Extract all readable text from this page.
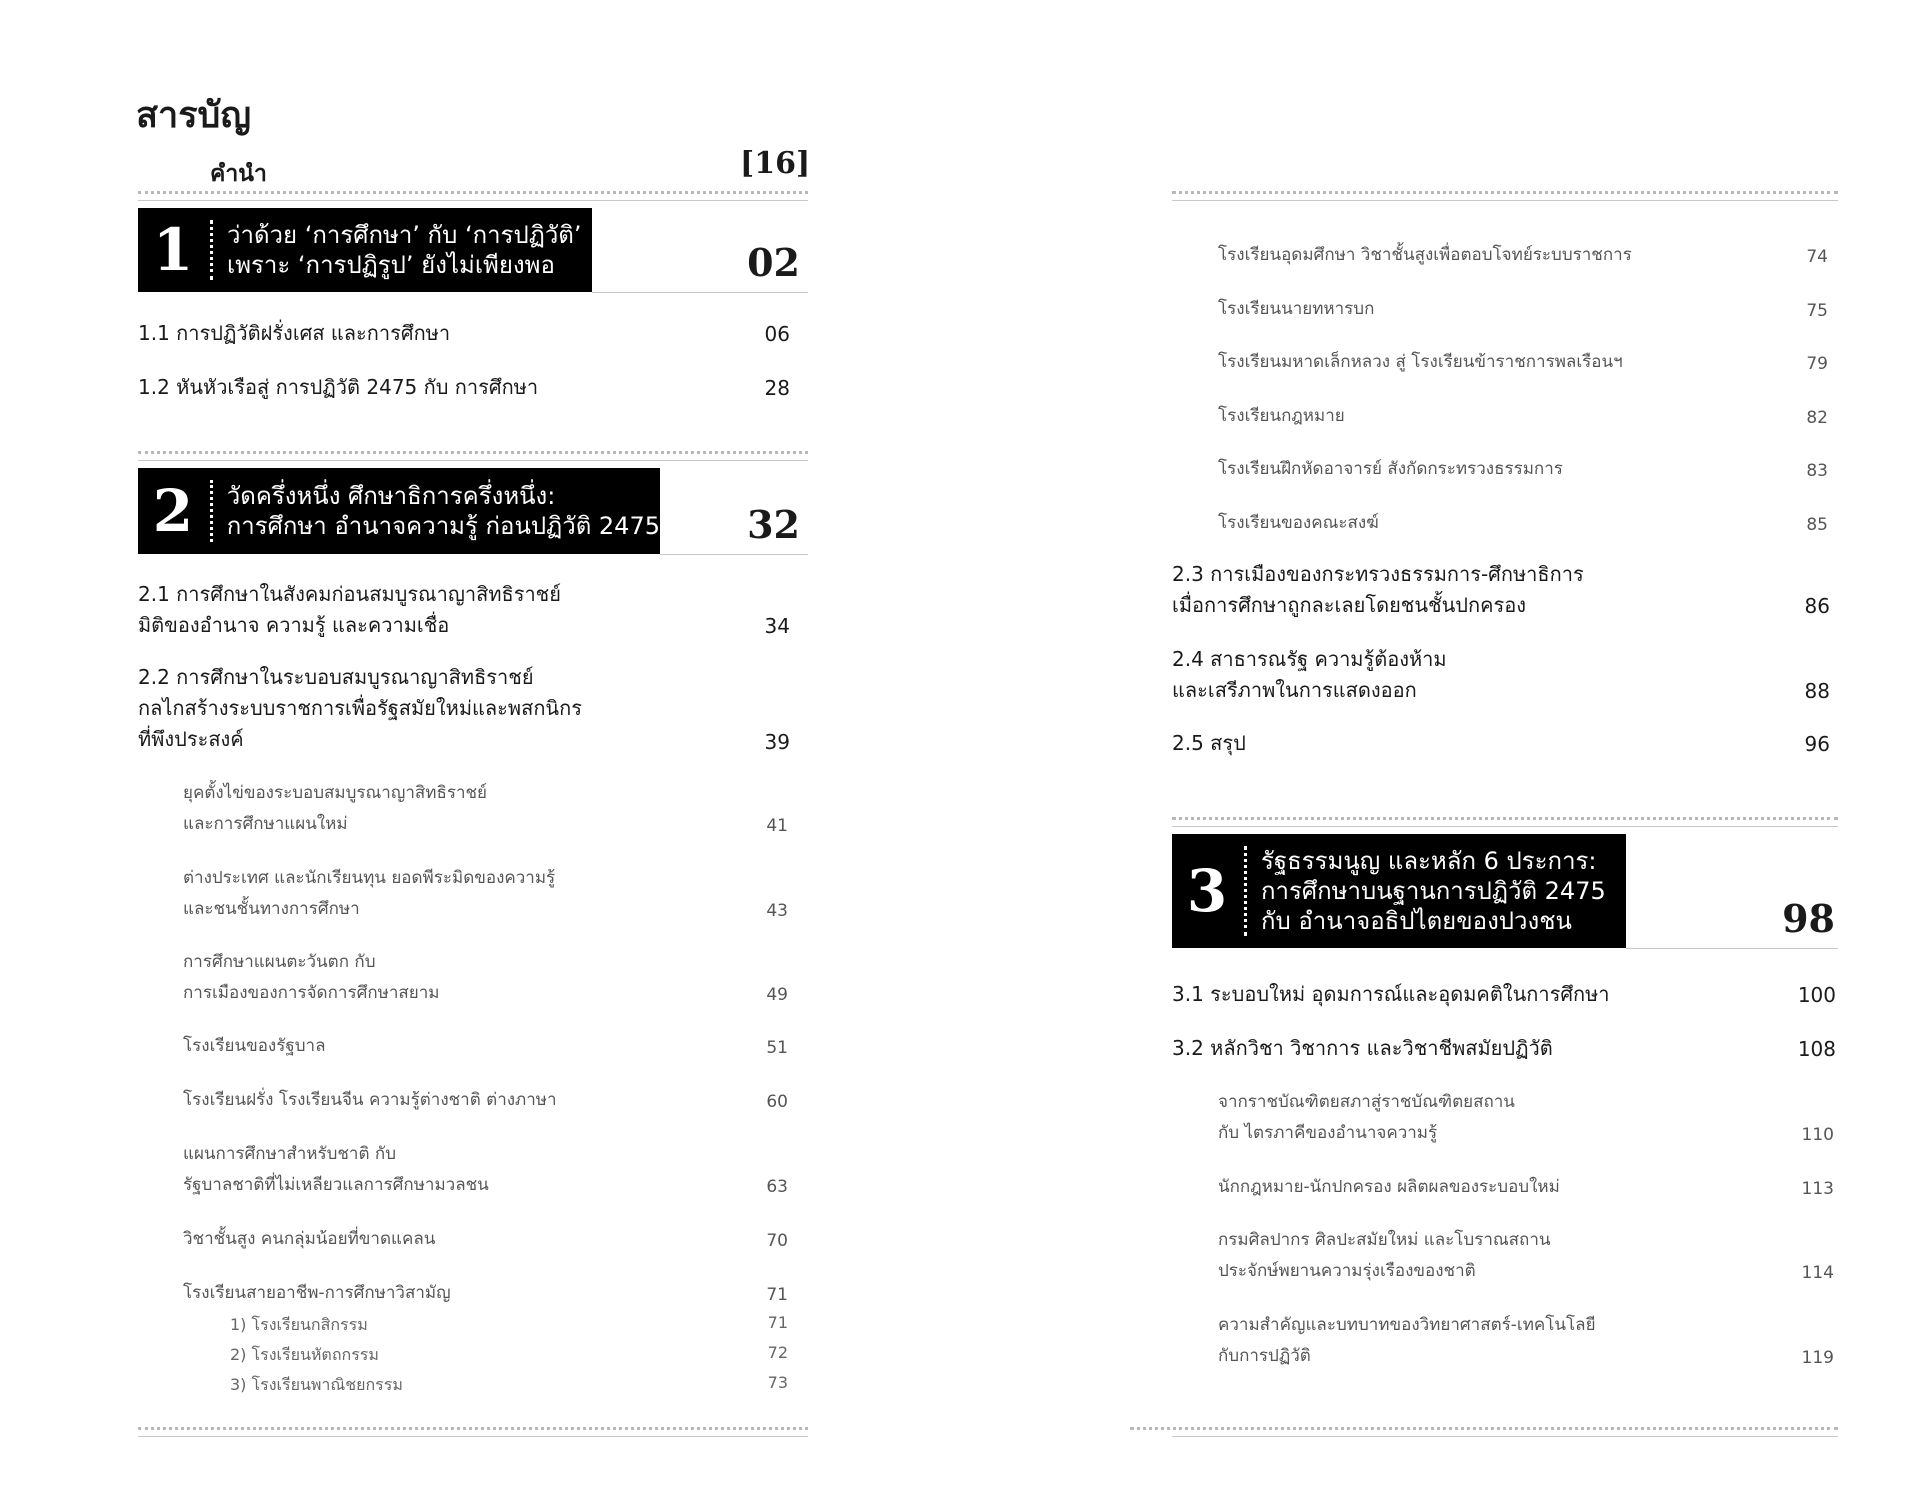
สารบัญ
คำนำ	[16]
1	ว่าด้วย ‘การศึกษา’ กับ ‘การปฏิวัติ’
เพราะ ‘การปฏิรูป’ ยังไม่เพียงพอ	02
1.1 การปฏิวัติฝรั่งเศส และการศึกษา	06
1.2 หันหัวเรือสู่ การปฏิวัติ 2475 กับ การศึกษา	28
2	วัดครึ่งหนึ่ง ศึกษาธิการครึ่งหนึ่ง:
การศึกษา อำนาจความรู้ ก่อนปฏิวัติ 2475	32
2.1 การศึกษาในสังคมก่อนสมบูรณาญาสิทธิราชย์
มิติของอำนาจ ความรู้ และความเชื่อ	34
2.2 การศึกษาในระบอบสมบูรณาญาสิทธิราชย์
กลไกสร้างระบบราชการเพื่อรัฐสมัยใหม่และพสกนิกร
ที่พึงประสงค์	39
ยุคตั้งไข่ของระบอบสมบูรณาญาสิทธิราชย์
และการศึกษาแผนใหม่	41
ต่างประเทศ และนักเรียนทุน ยอดพีระมิดของความรู้
และชนชั้นทางการศึกษา	43
การศึกษาแผนตะวันตก กับ
การเมืองของการจัดการศึกษาสยาม	49
โรงเรียนของรัฐบาล	51
โรงเรียนฝรั่ง โรงเรียนจีน ความรู้ต่างชาติ ต่างภาษา	60
แผนการศึกษาสำหรับชาติ กับ
รัฐบาลชาติที่ไม่เหลียวแลการศึกษามวลชน	63
วิชาชั้นสูง คนกลุ่มน้อยที่ขาดแคลน	70
โรงเรียนสายอาชีพ-การศึกษาวิสามัญ	71
1) โรงเรียนกสิกรรม	71
2) โรงเรียนหัตถกรรม	72
3) โรงเรียนพาณิชยกรรม	73
โรงเรียนอุดมศึกษา วิชาชั้นสูงเพื่อตอบโจทย์ระบบราชการ	74
โรงเรียนนายทหารบก	75
โรงเรียนมหาดเล็กหลวง สู่ โรงเรียนข้าราชการพลเรือนฯ	79
โรงเรียนกฎหมาย	82
โรงเรียนฝึกหัดอาจารย์ สังกัดกระทรวงธรรมการ	83
โรงเรียนของคณะสงฆ์	85
2.3 การเมืองของกระทรวงธรรมการ-ศึกษาธิการ
เมื่อการศึกษาถูกละเลยโดยชนชั้นปกครอง	86
2.4 สาธารณรัฐ ความรู้ต้องห้าม
และเสรีภาพในการแสดงออก	88
2.5 สรุป	96
3	รัฐธรรมนูญ และหลัก 6 ประการ:
การศึกษาบนฐานการปฏิวัติ 2475
กับ อำนาจอธิปไตยของปวงชน	98
3.1 ระบอบใหม่ อุดมการณ์และอุดมคติในการศึกษา	100
3.2 หลักวิชา วิชาการ และวิชาชีพสมัยปฏิวัติ	108
จากราชบัณฑิตยสภาสู่ราชบัณฑิตยสถาน
กับ ไตรภาคีของอำนาจความรู้	110
นักกฎหมาย-นักปกครอง ผลิตผลของระบอบใหม่	113
กรมศิลปากร ศิลปะสมัยใหม่ และโบราณสถาน
ประจักษ์พยานความรุ่งเรืองของชาติ	114
ความสำคัญและบทบาทของวิทยาศาสตร์-เทคโนโลยี
กับการปฏิวัติ	119
